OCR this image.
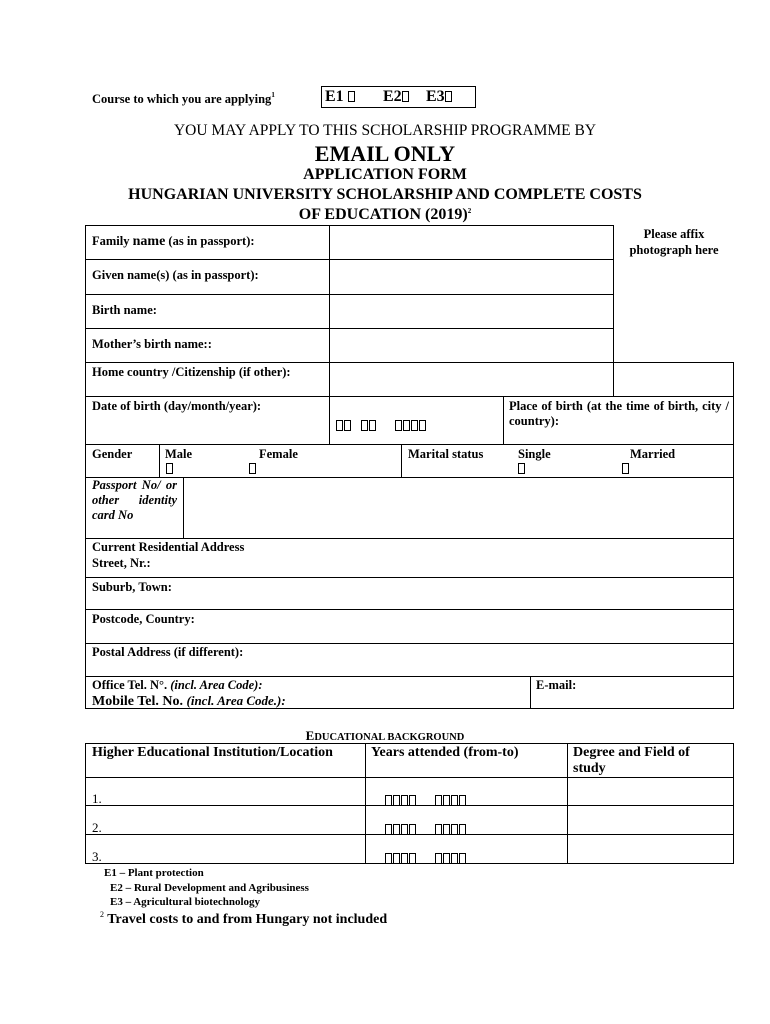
Course to which you are applying$^1$	E1	E2	E3
YOU MAY APPLY TO THIS SCHOLARSHIP PROGRAMME BY
EMAIL ONLY
APPLICATION FORM
HUNGARIAN UNIVERSITY SCHOLARSHIP AND COMPLETE COSTS
OF EDUCATION $(2019)^2$
Please affix photograph here
Family name (as in passport):
Given name(s) (as in passport):
Birth name:
Mother’s birth name::
Home country /Citizenship (if other):
Date of birth (day/month/year):	Place of birth (at the time of birth, city / country):
Gender	Male	Female	Marital status	Single	Married
Passport No/ or other identity card No
Current Residential Address
Street, Nr.:
Suburb, Town:
Postcode, Country:
Postal Address (if different):
Office Tel. N°. (incl. Area Code):
Mobile Tel. No. (incl. Area Code.):
E-mail:
EDUCATIONAL BACKGROUND
Higher Educational Institution/Location	Years attended (from-to)	Degree and Field of study
1.
2.
3.
E1 – Plant protection
E2 – Rural Development and Agribusiness
E3 – Agricultural biotechnology
$^2$ Travel costs to and from Hungary not included
